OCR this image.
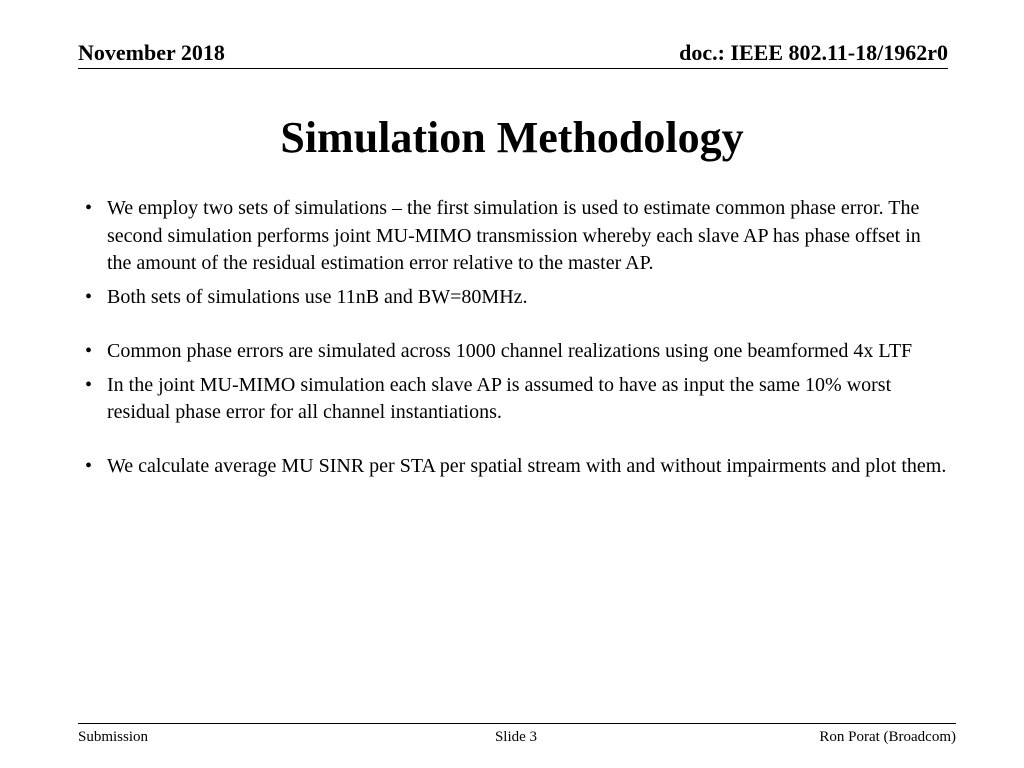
November 2018	doc.: IEEE 802.11-18/1962r0
Simulation Methodology
• We employ two sets of simulations – the first simulation is used to estimate common phase error. The second simulation performs joint MU-MIMO transmission whereby each slave AP has phase offset in the amount of the residual estimation error relative to the master AP.
• Both sets of simulations use 11nB and BW=80MHz.
• Common phase errors are simulated across 1000 channel realizations using one beamformed 4x LTF
• In the joint MU-MIMO simulation each slave AP is assumed to have as input the same 10% worst residual phase error for all channel instantiations.
• We calculate average MU SINR per STA per spatial stream with and without impairments and plot them.
Submission	Slide 3	Ron Porat (Broadcom)
